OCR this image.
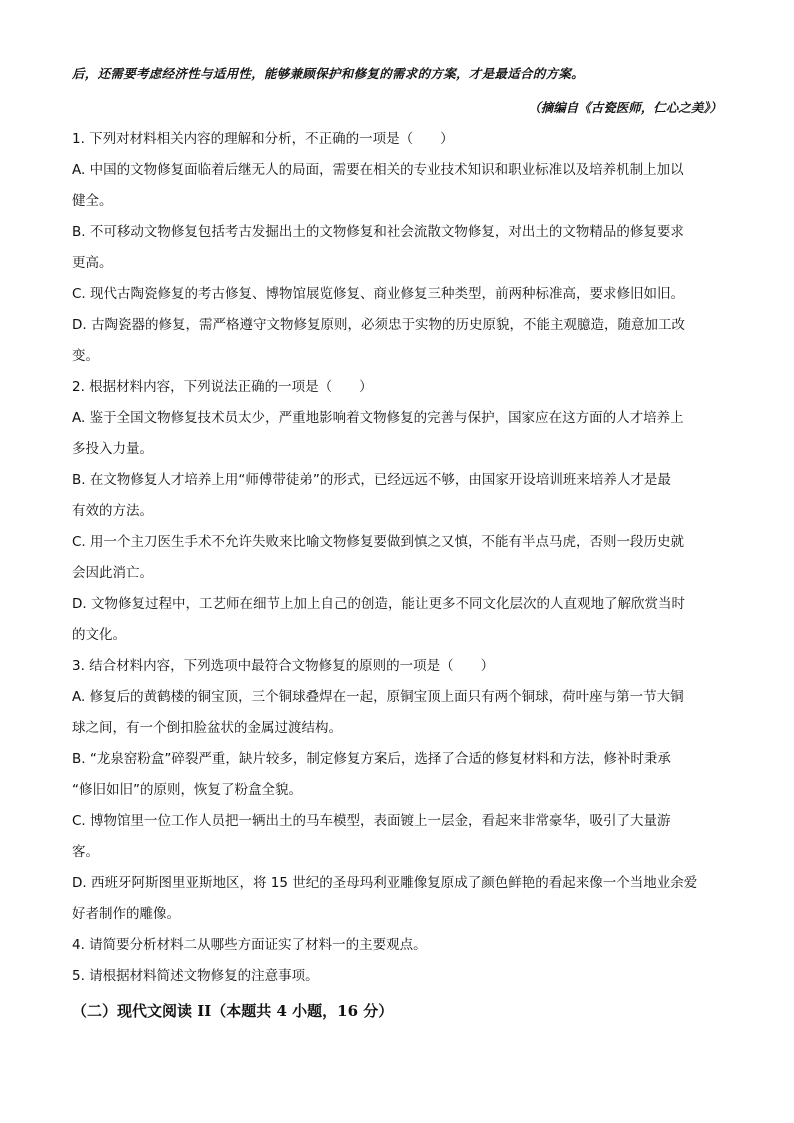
后，还需要考虑经济性与适用性，能够兼顾保护和修复的需求的方案，才是最适合的方案。
（摘编自《古瓷医师，仁心之美》）
1. 下列对材料相关内容的理解和分析，不正确的一项是（　　）
A. 中国的文物修复面临着后继无人的局面，需要在相关的专业技术知识和职业标准以及培养机制上加以
健全。
B. 不可移动文物修复包括考古发掘出土的文物修复和社会流散文物修复，对出土的文物精品的修复要求
更高。
C. 现代古陶瓷修复的考古修复、博物馆展览修复、商业修复三种类型，前两种标准高，要求修旧如旧。
D. 古陶瓷器的修复，需严格遵守文物修复原则，必须忠于实物的历史原貌，不能主观臆造，随意加工改
变。
2. 根据材料内容，下列说法正确的一项是（　　）
A. 鉴于全国文物修复技术员太少，严重地影响着文物修复的完善与保护，国家应在这方面的人才培养上
多投入力量。
B. 在文物修复人才培养上用“师傅带徒弟”的形式，已经远远不够，由国家开设培训班来培养人才是最
有效的方法。
C. 用一个主刀医生手术不允许失败来比喻文物修复要做到慎之又慎，不能有半点马虎，否则一段历史就
会因此消亡。
D. 文物修复过程中，工艺师在细节上加上自己的创造，能让更多不同文化层次的人直观地了解欣赏当时
的文化。
3. 结合材料内容，下列选项中最符合文物修复的原则的一项是（　　）
A. 修复后的黄鹤楼的铜宝顶，三个铜球叠焊在一起，原铜宝顶上面只有两个铜球，荷叶座与第一节大铜
球之间，有一个倒扣脸盆状的金属过渡结构。
B. “龙泉窑粉盒”碎裂严重，缺片较多，制定修复方案后，选择了合适的修复材料和方法，修补时秉承
“修旧如旧”的原则，恢复了粉盒全貌。
C. 博物馆里一位工作人员把一辆出土的马车模型，表面镀上一层金，看起来非常豪华，吸引了大量游
客。
D. 西班牙阿斯图里亚斯地区，将 15 世纪的圣母玛利亚雕像复原成了颜色鲜艳的看起来像一个当地业余爱
好者制作的雕像。
4. 请简要分析材料二从哪些方面证实了材料一的主要观点。
5. 请根据材料简述文物修复的注意事项。
（二）现代文阅读 II（本题共 4 小题，16 分）
